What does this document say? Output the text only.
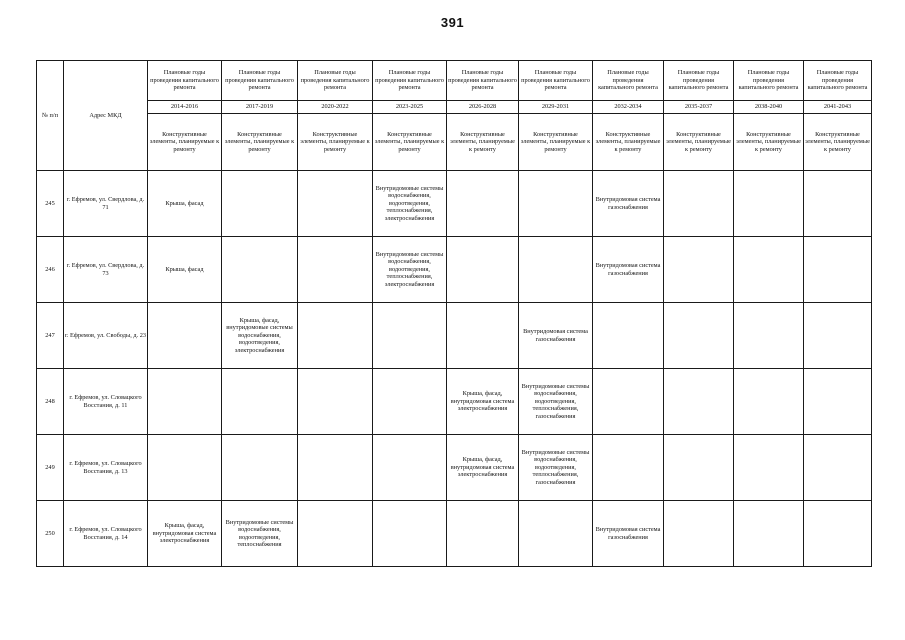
391
№ п/п	Адрес МКД	Плановые годы проведения капитального ремонта	Плановые годы проведения капитального ремонта	Плановые годы проведения капитального ремонта	Плановые годы проведения капитального ремонта	Плановые годы проведения капитального ремонта	Плановые годы проведения капитального ремонта	Плановые годы проведения капитального ремонта	Плановые годы проведения капитального ремонта	Плановые годы проведения капитального ремонта	Плановые годы проведения капитального ремонта
		2014-2016	2017-2019	2020-2022	2023-2025	2026-2028	2029-2031	2032-2034	2035-2037	2038-2040	2041-2043
		Конструктивные элементы, планируемые к ремонту	Конструктивные элементы, планируемые к ремонту	Конструктивные элементы, планируемые к ремонту	Конструктивные элементы, планируемые к ремонту	Конструктивные элементы, планируемые к ремонту	Конструктивные элементы, планируемые к ремонту	Конструктивные элементы, планируемые к ремонту	Конструктивные элементы, планируемые к ремонту	Конструктивные элементы, планируемые к ремонту	Конструктивные элементы, планируемые к ремонту
245	г. Ефремов, ул. Свердлова, д. 71	Крыша, фасад			Внутридомовые системы водоснабжения, водоотведения, теплоснабжения, электроснабжения			Внутридомовая система газоснабжения			
246	г. Ефремов, ул. Свердлова, д. 73	Крыша, фасад			Внутридомовые системы водоснабжения, водоотведения, теплоснабжения, электроснабжения			Внутридомовая система газоснабжения			
247	г. Ефремов, ул. Свободы, д. 23		Крыша, фасад, внутридомовые системы водоснабжения, водоотведения, электроснабжения				Внутридомовая система газоснабжения				
248	г. Ефремов, ул. Словацкого Восстания, д. 11					Крыша, фасад, внутридомовая система электроснабжения	Внутридомовые системы водоснабжения, водоотведения, теплоснабжения, газоснабжения				
249	г. Ефремов, ул. Словацкого Восстания, д. 13					Крыша, фасад, внутридомовая система электроснабжения	Внутридомовые системы водоснабжения, водоотведения, теплоснабжения, газоснабжения				
250	г. Ефремов, ул. Словацкого Восстания, д. 14	Крыша, фасад, внутридомовая система электроснабжения	Внутридомовые системы водоснабжения, водоотведения, теплоснабжения					Внутридомовая система газоснабжения			
